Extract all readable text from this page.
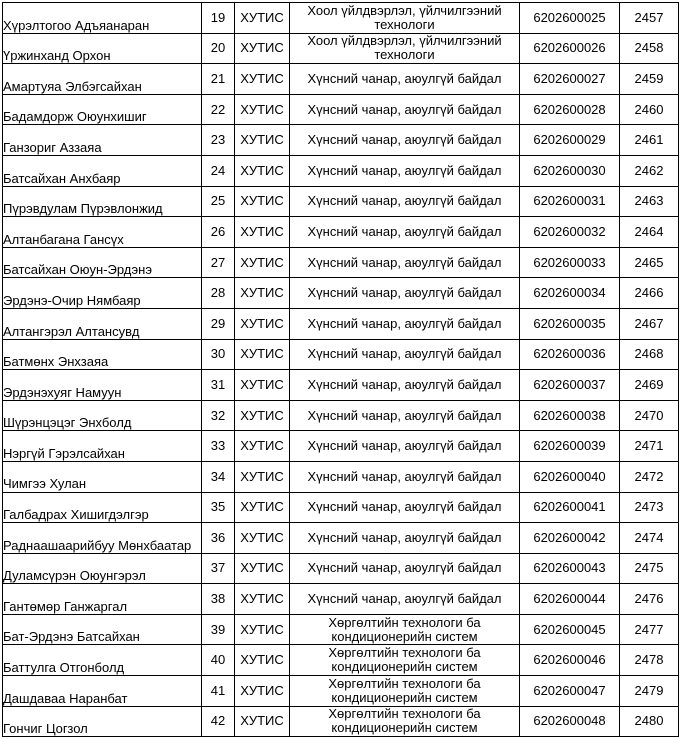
Хүрэлтогоо Адъяанаран	19	ХУТИС	Хоол үйлдвэрлэл, үйлчилгээний технологи	6202600025	2457
Үржинханд Орхон	20	ХУТИС	Хоол үйлдвэрлэл, үйлчилгээний технологи	6202600026	2458
Амартуяа Элбэгсайхан	21	ХУТИС	Хүнсний чанар, аюулгүй байдал	6202600027	2459
Бадамдорж Оюунхишиг	22	ХУТИС	Хүнсний чанар, аюулгүй байдал	6202600028	2460
Ганзориг Аззаяа	23	ХУТИС	Хүнсний чанар, аюулгүй байдал	6202600029	2461
Батсайхан Анхбаяр	24	ХУТИС	Хүнсний чанар, аюулгүй байдал	6202600030	2462
Пүрэвдулам Пүрэвлонжид	25	ХУТИС	Хүнсний чанар, аюулгүй байдал	6202600031	2463
Алтанбагана Гансүх	26	ХУТИС	Хүнсний чанар, аюулгүй байдал	6202600032	2464
Батсайхан Оюун-Эрдэнэ	27	ХУТИС	Хүнсний чанар, аюулгүй байдал	6202600033	2465
Эрдэнэ-Очир Нямбаяр	28	ХУТИС	Хүнсний чанар, аюулгүй байдал	6202600034	2466
Алтангэрэл Алтансувд	29	ХУТИС	Хүнсний чанар, аюулгүй байдал	6202600035	2467
Батмөнх Энхзаяа	30	ХУТИС	Хүнсний чанар, аюулгүй байдал	6202600036	2468
Эрдэнэхуяг Намуун	31	ХУТИС	Хүнсний чанар, аюулгүй байдал	6202600037	2469
Шүрэнцэцэг Энхболд	32	ХУТИС	Хүнсний чанар, аюулгүй байдал	6202600038	2470
Нэргүй Гэрэлсайхан	33	ХУТИС	Хүнсний чанар, аюулгүй байдал	6202600039	2471
Чимгээ Хулан	34	ХУТИС	Хүнсний чанар, аюулгүй байдал	6202600040	2472
Галбадрах Хишигдэлгэр	35	ХУТИС	Хүнсний чанар, аюулгүй байдал	6202600041	2473
Раднаашаарийбуу Мөнхбаатар	36	ХУТИС	Хүнсний чанар, аюулгүй байдал	6202600042	2474
Дуламсүрэн Оюунгэрэл	37	ХУТИС	Хүнсний чанар, аюулгүй байдал	6202600043	2475
Гантөмөр Ганжаргал	38	ХУТИС	Хүнсний чанар, аюулгүй байдал	6202600044	2476
Бат-Эрдэнэ Батсайхан	39	ХУТИС	Хөргөлтийн технологи ба кондиционерийн систем	6202600045	2477
Баттулга Отгонболд	40	ХУТИС	Хөргөлтийн технологи ба кондиционерийн систем	6202600046	2478
Дашдаваа Наранбат	41	ХУТИС	Хөргөлтийн технологи ба кондиционерийн систем	6202600047	2479
Гончиг Цогзол	42	ХУТИС	Хөргөлтийн технологи ба кондиционерийн систем	6202600048	2480
